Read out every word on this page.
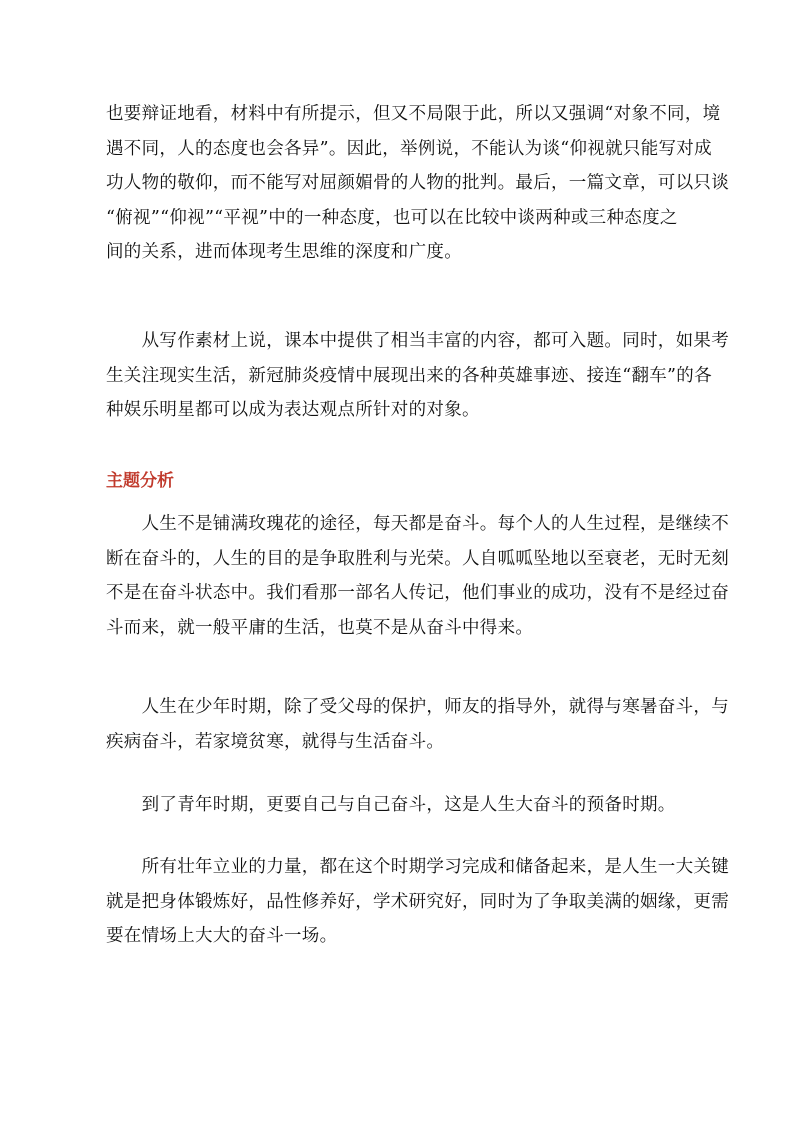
也要辩证地看，材料中有所提示，但又不局限于此，所以又强调“对象不同，境
遇不同，人的态度也会各异”。因此，举例说，不能认为谈“仰视就只能写对成
功人物的敬仰，而不能写对屈颜媚骨的人物的批判。最后，一篇文章，可以只谈
“俯视”“仰视”“平视”中的一种态度，也可以在比较中谈两种或三种态度之
间的关系，进而体现考生思维的深度和广度。

　　从写作素材上说，课本中提供了相当丰富的内容，都可入题。同时，如果考
生关注现实生活，新冠肺炎疫情中展现出来的各种英雄事迹、接连“翻车”的各
种娱乐明星都可以成为表达观点所针对的对象。

主题分析

　　人生不是铺满玫瑰花的途径，每天都是奋斗。每个人的人生过程，是继续不
断在奋斗的，人生的目的是争取胜利与光荣。人自呱呱坠地以至衰老，无时无刻
不是在奋斗状态中。我们看那一部名人传记，他们事业的成功，没有不是经过奋
斗而来，就一般平庸的生活，也莫不是从奋斗中得来。

　　人生在少年时期，除了受父母的保护，师友的指导外，就得与寒暑奋斗，与
疾病奋斗，若家境贫寒，就得与生活奋斗。

　　到了青年时期，更要自己与自己奋斗，这是人生大奋斗的预备时期。

　　所有壮年立业的力量，都在这个时期学习完成和储备起来，是人生一大关键
就是把身体锻炼好，品性修养好，学术研究好，同时为了争取美满的姻缘，更需
要在情场上大大的奋斗一场。
